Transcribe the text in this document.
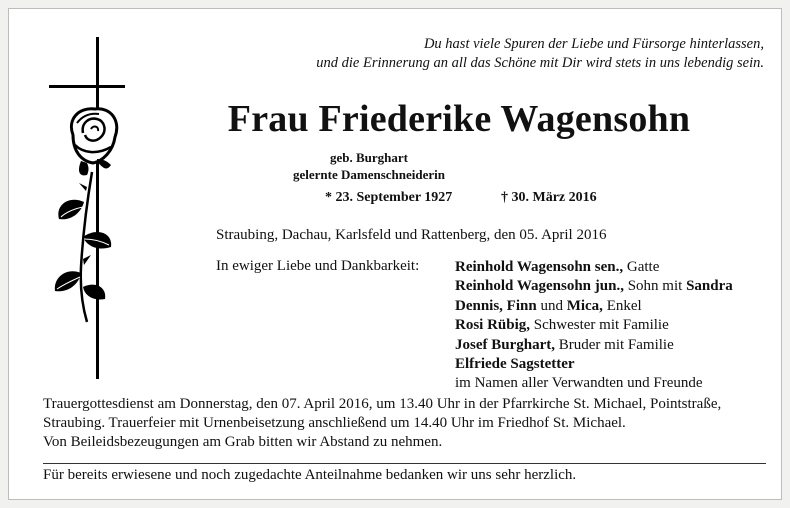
Du hast viele Spuren der Liebe und Fürsorge hinterlassen,
und die Erinnerung an all das Schöne mit Dir wird stets in uns lebendig sein.
Frau Friederike Wagensohn
geb. Burghart
gelernte Damenschneiderin
* 23. September 1927	† 30. März 2016
Straubing, Dachau, Karlsfeld und Rattenberg, den 05. April 2016
In ewiger Liebe und Dankbarkeit: Reinhold Wagensohn sen., Gatte
Reinhold Wagensohn jun., Sohn mit Sandra
Dennis, Finn und Mica, Enkel
Rosi Rübig, Schwester mit Familie
Josef Burghart, Bruder mit Familie
Elfriede Sagstetter
im Namen aller Verwandten und Freunde
Trauergottesdienst am Donnerstag, den 07. April 2016, um 13.40 Uhr in der Pfarrkirche St. Michael, Pointstraße,
Straubing. Trauerfeier mit Urnenbeisetzung anschließend um 14.40 Uhr im Friedhof St. Michael.
Von Beileidsbezeugungen am Grab bitten wir Abstand zu nehmen.
Für bereits erwiesene und noch zugedachte Anteilnahme bedanken wir uns sehr herzlich.
